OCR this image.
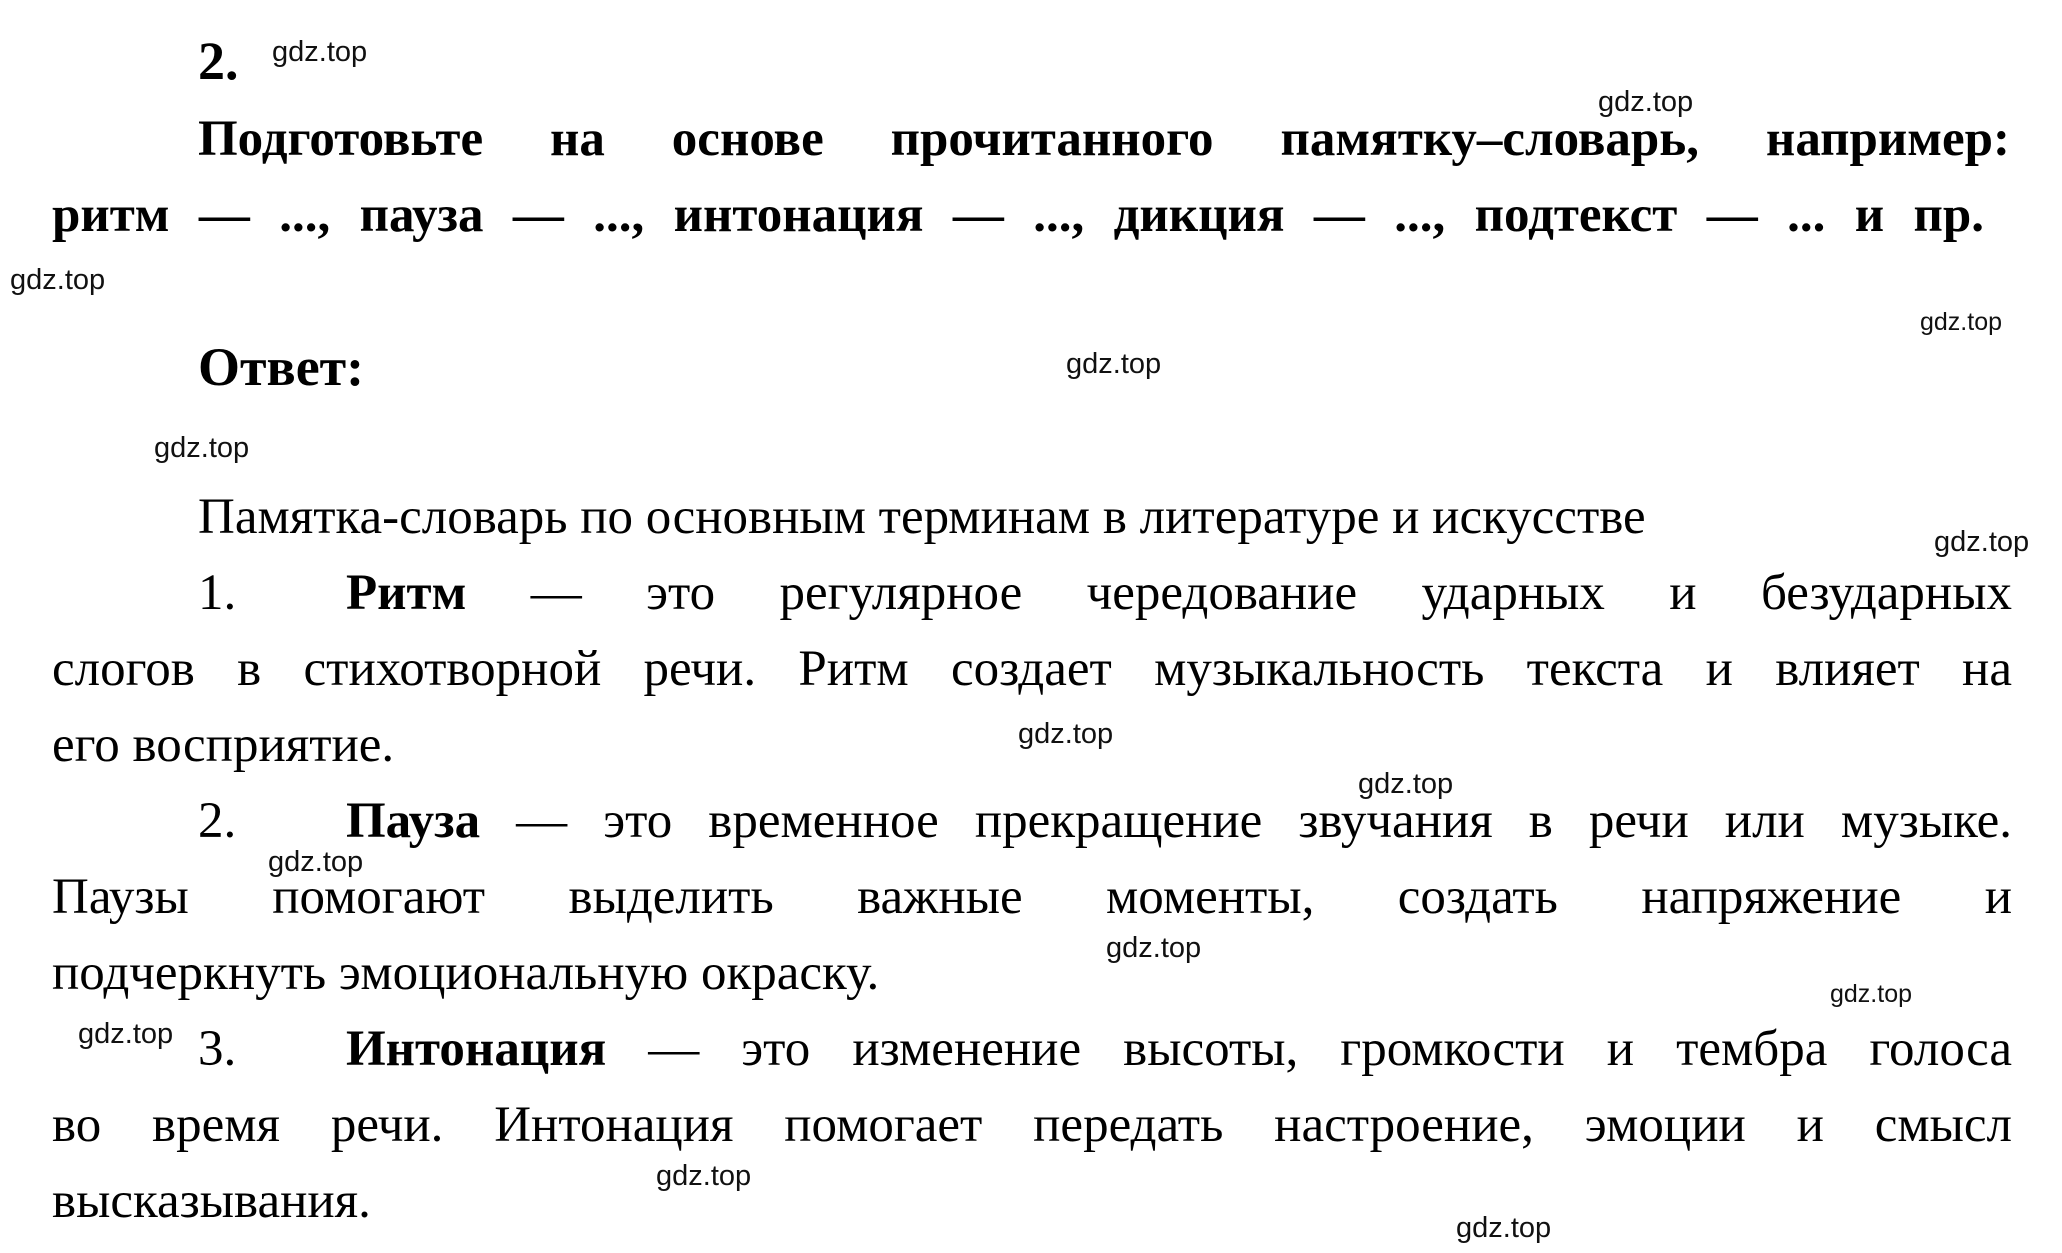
2.
Подготовьте на основе прочитанного памятку‒словарь, например:
ритм — ..., пауза — ..., интонация — ..., дикция — ..., подтекст — ... и пр.
Ответ:
Памятка-словарь по основным терминам в литературе и искусстве
1. Ритм — это регулярное чередование ударных и безударных
слогов в стихотворной речи. Ритм создает музыкальность текста и влияет на
его восприятие.
2. Пауза — это временное прекращение звучания в речи или музыке.
Паузы помогают выделить важные моменты, создать напряжение и
подчеркнуть эмоциональную окраску.
3. Интонация — это изменение высоты, громкости и тембра голоса
во время речи. Интонация помогает передать настроение, эмоции и смысл
высказывания.
gdz.top
gdz.top
gdz.top
gdz.top
gdz.top
gdz.top
gdz.top
gdz.top
gdz.top
gdz.top
gdz.top
gdz.top
gdz.top
gdz.top
gdz.top
